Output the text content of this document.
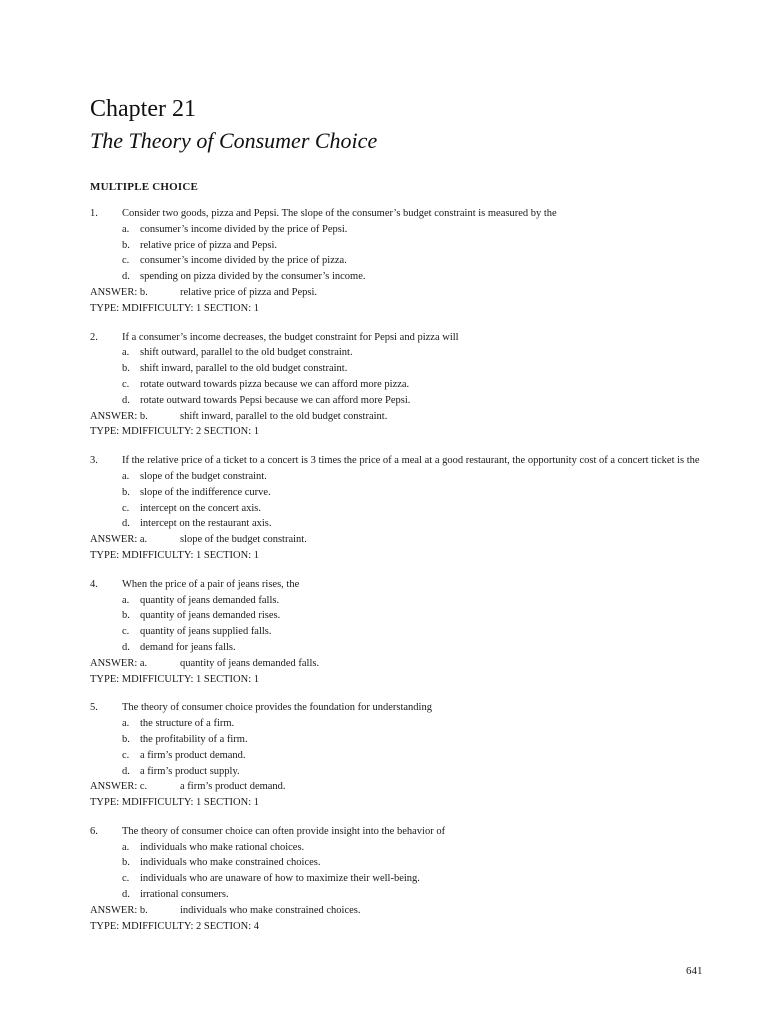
Chapter 21
The Theory of Consumer Choice
MULTIPLE CHOICE
1.	Consider two goods, pizza and Pepsi. The slope of the consumer’s budget constraint is measured by the
a.	consumer’s income divided by the price of Pepsi.
b. relative price of pizza and Pepsi.
c.	consumer’s income divided by the price of pizza.
d. spending on pizza divided by the consumer’s income.
ANSWER: b.	relative price of pizza and Pepsi.
TYPE: MDIFFICULTY: 1 SECTION: 1
2.	If a consumer’s income decreases, the budget constraint for Pepsi and pizza will
a.	shift outward, parallel to the old budget constraint.
b. shift inward, parallel to the old budget constraint.
c.	rotate outward towards pizza because we can afford more pizza.
d. rotate outward towards Pepsi because we can afford more Pepsi.
ANSWER: b.	shift inward, parallel to the old budget constraint.
TYPE: MDIFFICULTY: 2 SECTION: 1
3.	If the relative price of a ticket to a concert is 3 times the price of a meal at a good restaurant, the opportunity cost of a concert ticket is the
a.	slope of the budget constraint.
b. slope of the indifference curve.
c.	intercept on the concert axis.
d. intercept on the restaurant axis.
ANSWER: a.	slope of the budget constraint.
TYPE: MDIFFICULTY: 1 SECTION: 1
4.	When the price of a pair of jeans rises, the
a.	quantity of jeans demanded falls.
b. quantity of jeans demanded rises.
c.	quantity of jeans supplied falls.
d. demand for jeans falls.
ANSWER: a.	quantity of jeans demanded falls.
TYPE: MDIFFICULTY: 1 SECTION: 1
5.	The theory of consumer choice provides the foundation for understanding
a.	the structure of a firm.
b. the profitability of a firm.
c.	a firm’s product demand.
d. a firm’s product supply.
ANSWER: c.	a firm’s product demand.
TYPE: MDIFFICULTY: 1 SECTION: 1
6.	The theory of consumer choice can often provide insight into the behavior of
a.	individuals who make rational choices.
b. individuals who make constrained choices.
c.	individuals who are unaware of how to maximize their well-being.
d. irrational consumers.
ANSWER: b.	individuals who make constrained choices.
TYPE: MDIFFICULTY: 2 SECTION: 4
641
